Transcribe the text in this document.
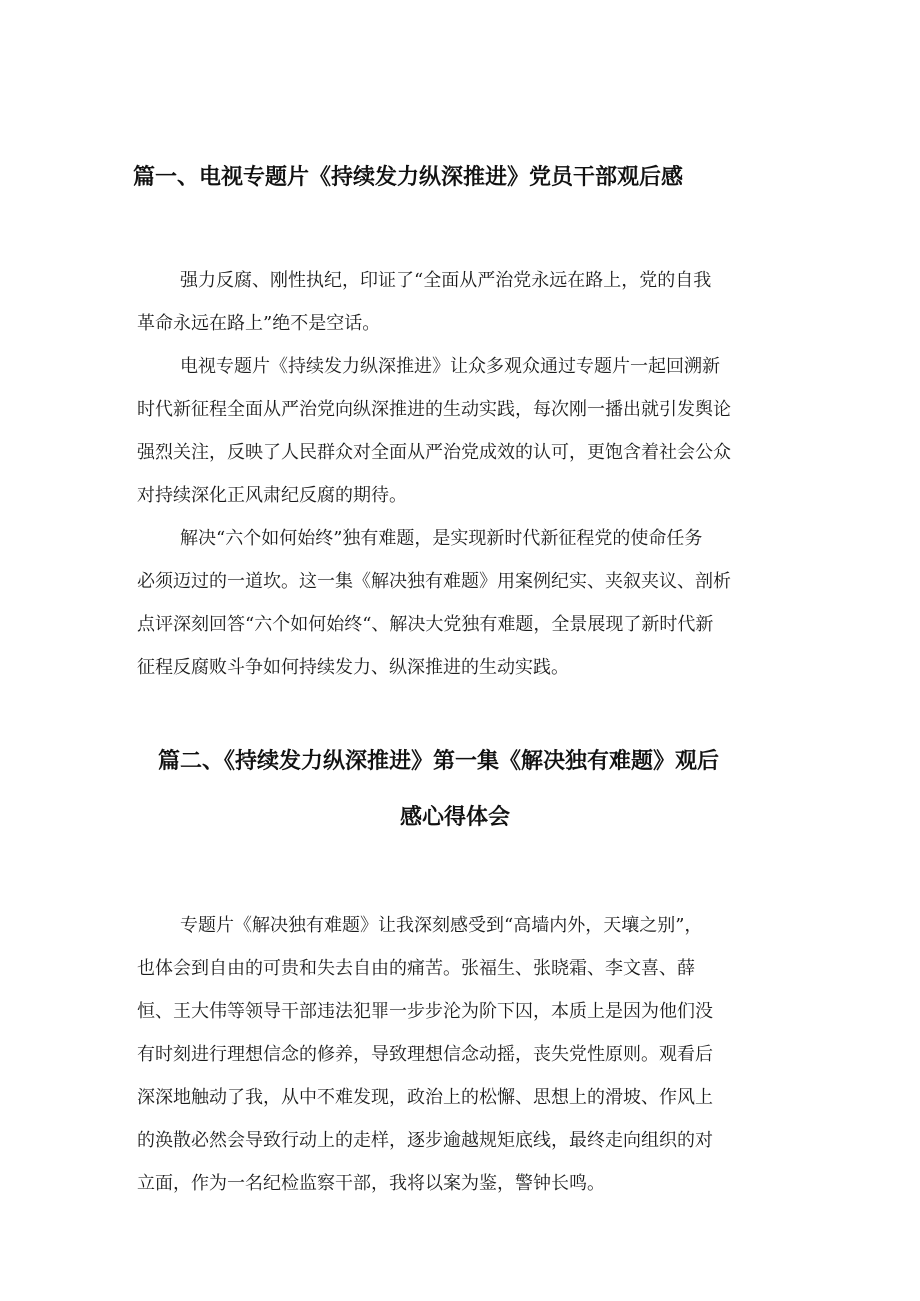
篇一、电视专题片《持续发力纵深推进》党员干部观后感
强力反腐、刚性执纪，印证了“全面从严治党永远在路上，党的自我
革命永远在路上”绝不是空话。
电视专题片《持续发力纵深推进》让众多观众通过专题片一起回溯新
时代新征程全面从严治党向纵深推进的生动实践，每次刚一播出就引发舆论
强烈关注，反映了人民群众对全面从严治党成效的认可，更饱含着社会公众
对持续深化正风肃纪反腐的期待。
解决“六个如何始终”独有难题，是实现新时代新征程党的使命任务
必须迈过的一道坎。这一集《解决独有难题》用案例纪实、夹叙夹议、剖析
点评深刻回答“六个如何始终“、解决大党独有难题，全景展现了新时代新
征程反腐败斗争如何持续发力、纵深推进的生动实践。
篇二、《持续发力纵深推进》第一集《解决独有难题》观后
感心得体会
专题片《解决独有难题》让我深刻感受到“高墙内外，天壤之别”，
也体会到自由的可贵和失去自由的痛苦。张福生、张晓霜、李文喜、薛
恒、王大伟等领导干部违法犯罪一步步沦为阶下囚，本质上是因为他们没
有时刻进行理想信念的修养，导致理想信念动摇，丧失党性原则。观看后
深深地触动了我，从中不难发现，政治上的松懈、思想上的滑坡、作风上
的涣散必然会导致行动上的走样，逐步逾越规矩底线，最终走向组织的对
立面，作为一名纪检监察干部，我将以案为鉴，警钟长鸣。
